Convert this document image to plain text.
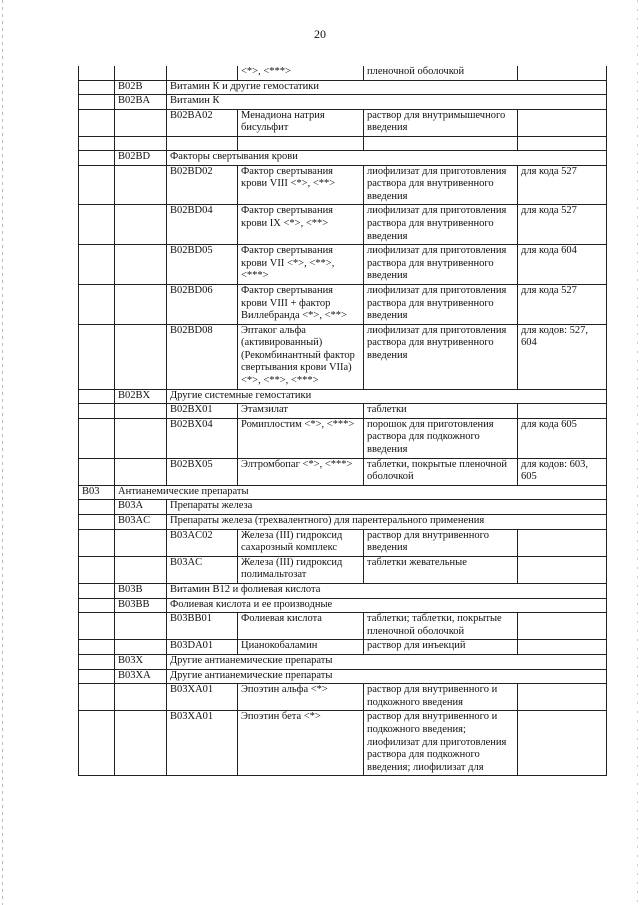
20
			<*>, <***>	пленочной оболочкой	
	B02B	Витамин К и другие гемостатики			
	B02BA	Витамин К			
		B02BA02	Менадиона натрия бисульфит	раствор для внутримышечного введения	

	B02BD	Факторы свертывания крови			
		B02BD02	Фактор свертывания крови VIII <*>, <**>	лиофилизат для приготовления раствора для внутривенного введения	для кода 527
		B02BD04	Фактор свертывания крови IX <*>, <**>	лиофилизат для приготовления раствора для внутривенного введения	для кода 527
		B02BD05	Фактор свертывания крови VII <*>, <**>, <***>	лиофилизат для приготовления раствора для внутривенного введения	для кода 604
		B02BD06	Фактор свертывания крови VIII + фактор Виллебранда <*>, <**>	лиофилизат для приготовления раствора для внутривенного введения	для кода 527
		B02BD08	Эптаког альфа (активированный) (Рекомбинантный фактор свертывания крови VIIa) <*>, <**>, <***>	лиофилизат для приготовления раствора для внутривенного введения	для кодов: 527, 604
	B02BX	Другие системные гемостатики			
		B02BX01	Этамзилат	таблетки	
		B02BX04	Ромиплостим <*>, <***>	порошок для приготовления раствора для подкожного введения	для кода 605
		B02BX05	Элтромбопаг <*>, <***>	таблетки, покрытые пленочной оболочкой	для кодов: 603, 605
B03	Антианемические препараты				
	B03A	Препараты железа			
	B03AC	Препараты железа (трехвалентного) для парентерального применения			
		B03AC02	Железа (III) гидроксид сахарозный комплекс	раствор для внутривенного введения	
		B03AC	Железа (III) гидроксид полимальтозат	таблетки жевательные	
	B03B	Витамин B12 и фолиевая кислота			
	B03BB	Фолиевая кислота и ее производные			
		B03BB01	Фолиевая кислота	таблетки; таблетки, покрытые пленочной оболочкой	
		B03DA01	Цианокобаламин	раствор для инъекций	
	B03X	Другие антианемические препараты			
	B03XA	Другие антианемические препараты			
		B03XA01	Эпоэтин альфа <*>	раствор для внутривенного и подкожного введения	
		B03XA01	Эпоэтин бета <*>	раствор для внутривенного и подкожного введения; лиофилизат для приготовления раствора для подкожного введения; лиофилизат для	
